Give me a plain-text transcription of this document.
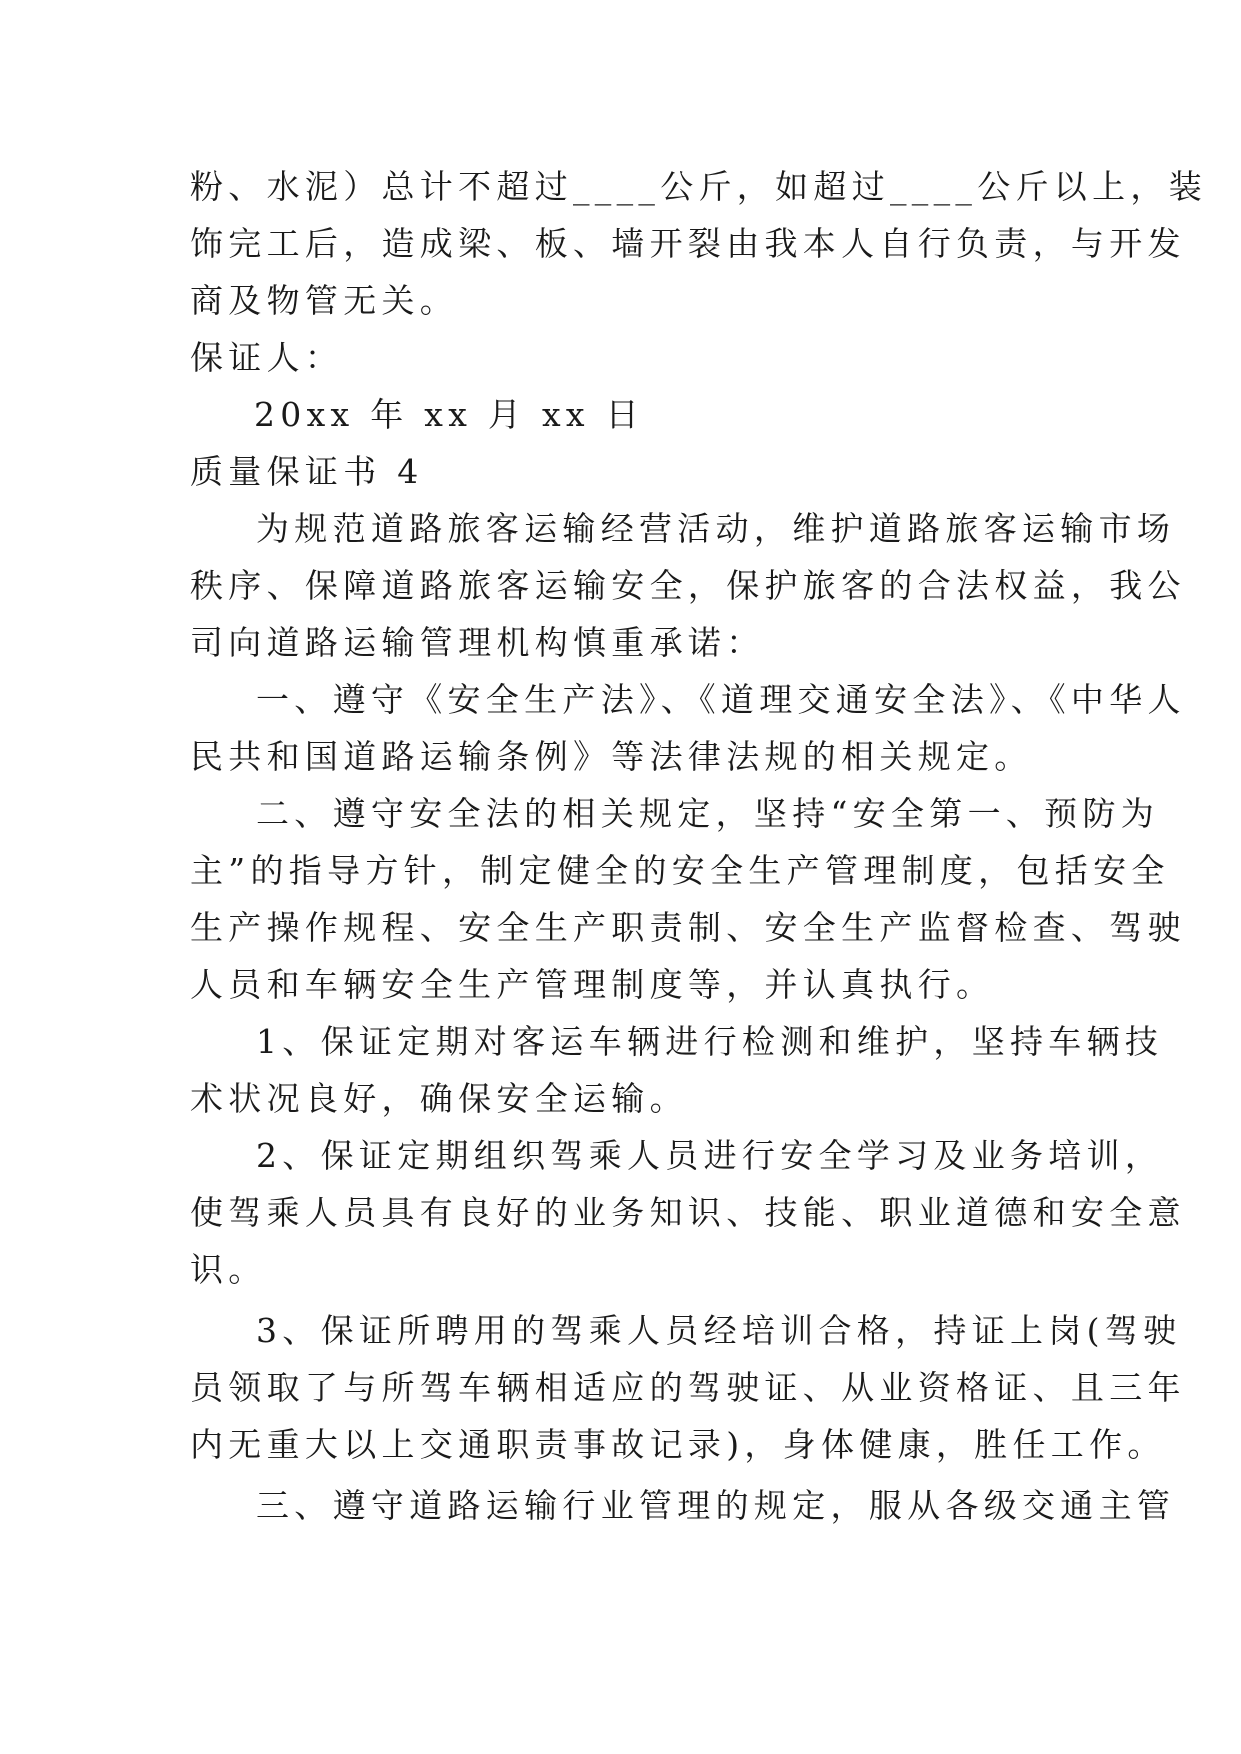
粉、水泥）总计不超过____公斤，如超过____公斤以上，装
饰完工后，造成梁、板、墙开裂由我本人自行负责，与开发
商及物管无关。

保证人：

20xx 年 xx 月 xx 日

质量保证书 4

为规范道路旅客运输经营活动，维护道路旅客运输市场
秩序、保障道路旅客运输安全，保护旅客的合法权益，我公
司向道路运输管理机构慎重承诺：

一、遵守《安全生产法》、《道理交通安全法》、《中华人
民共和国道路运输条例》等法律法规的相关规定。

二、遵守安全法的相关规定，坚持“安全第一、预防为
主”的指导方针，制定健全的安全生产管理制度，包括安全
生产操作规程、安全生产职责制、安全生产监督检查、驾驶
人员和车辆安全生产管理制度等，并认真执行。

1、保证定期对客运车辆进行检测和维护，坚持车辆技
术状况良好，确保安全运输。

2、保证定期组织驾乘人员进行安全学习及业务培训，
使驾乘人员具有良好的业务知识、技能、职业道德和安全意
识。

3、保证所聘用的驾乘人员经培训合格，持证上岗(驾驶
员领取了与所驾车辆相适应的驾驶证、从业资格证、且三年
内无重大以上交通职责事故记录)，身体健康，胜任工作。

三、遵守道路运输行业管理的规定，服从各级交通主管
